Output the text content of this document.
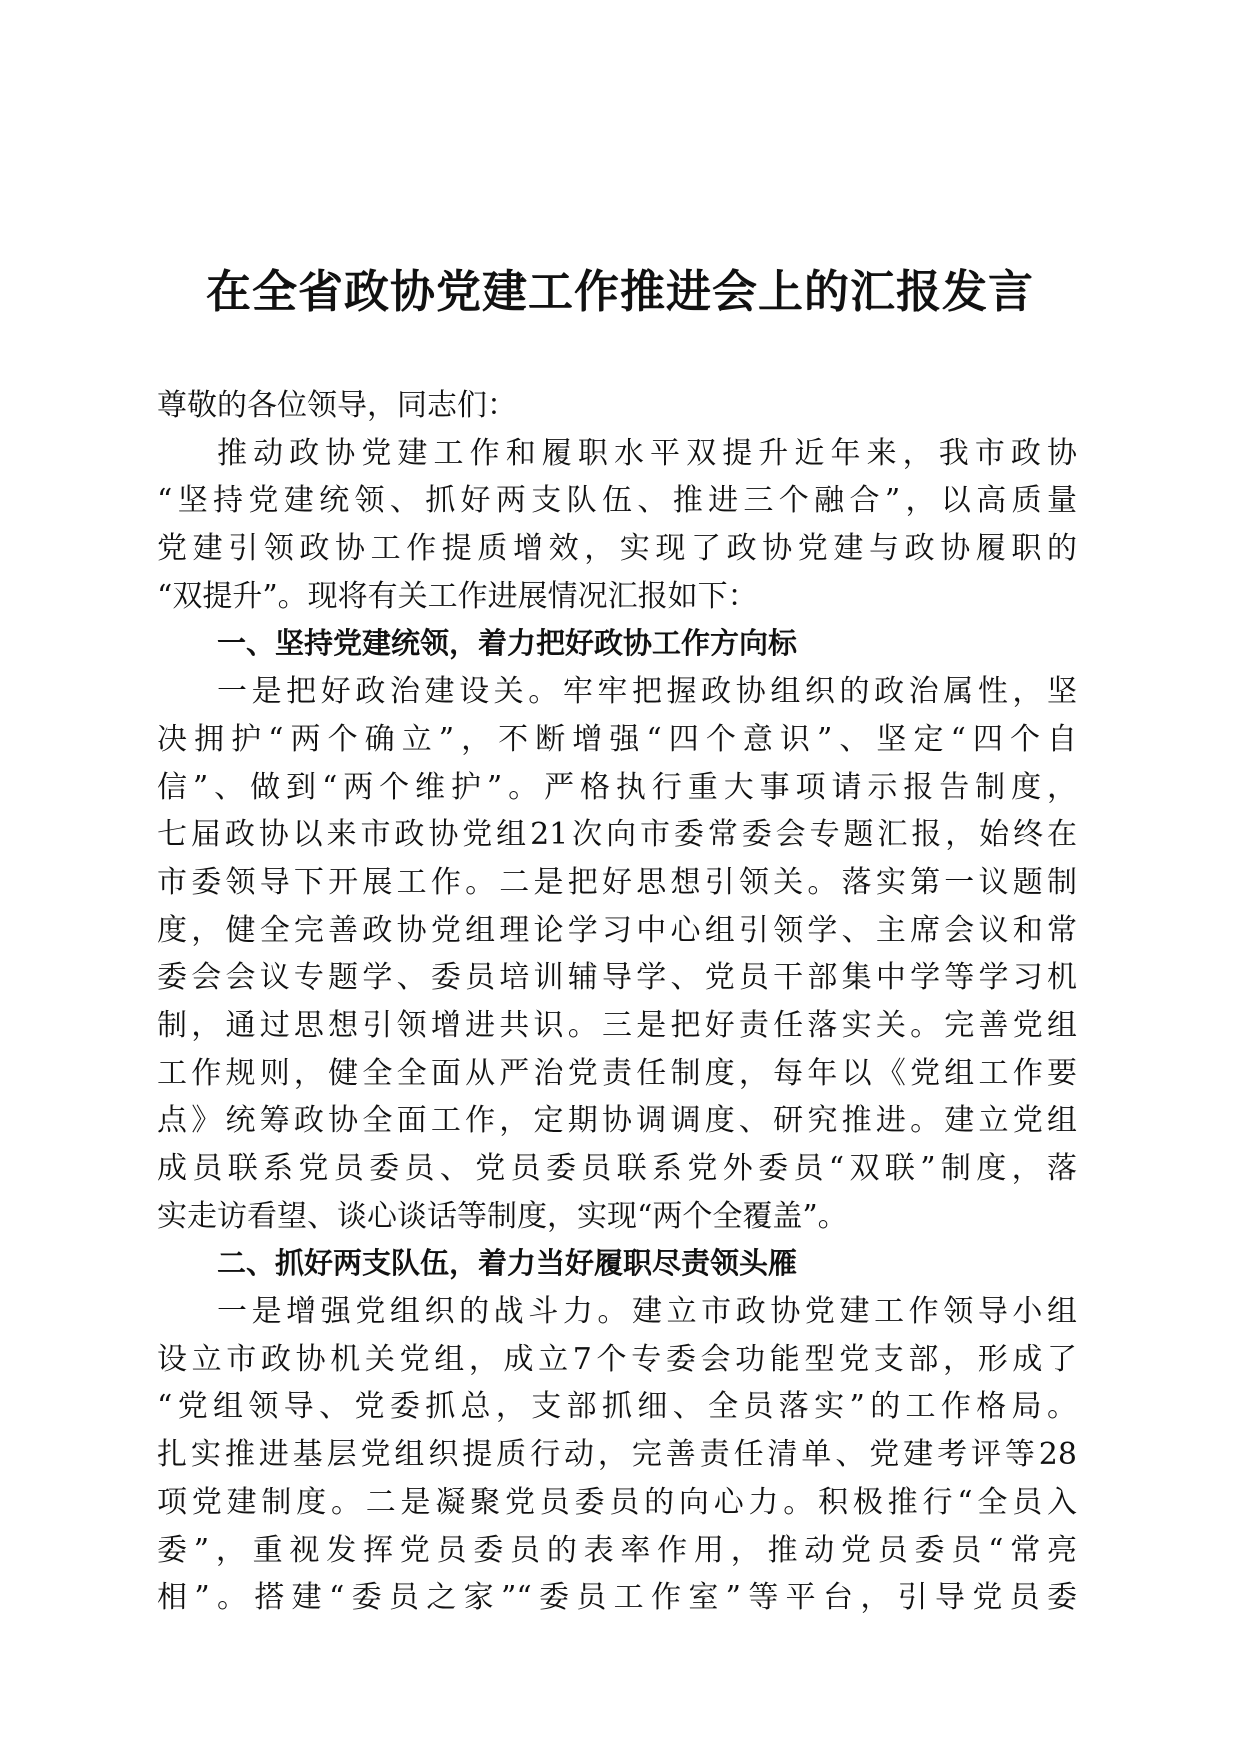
在全省政协党建工作推进会上的汇报发言
尊敬的各位领导，同志们：
推动政协党建工作和履职水平双提升近年来，我市政协
“坚持党建统领、抓好两支队伍、推进三个融合”，以高质量
党建引领政协工作提质增效，实现了政协党建与政协履职的
“双提升”。现将有关工作进展情况汇报如下：
一、坚持党建统领，着力把好政协工作方向标
一是把好政治建设关。牢牢把握政协组织的政治属性，坚
决拥护“两个确立”，不断增强“四个意识”、坚定“四个自
信”、做到“两个维护”。严格执行重大事项请示报告制度，
七届政协以来市政协党组21次向市委常委会专题汇报，始终在
市委领导下开展工作。二是把好思想引领关。落实第一议题制
度，健全完善政协党组理论学习中心组引领学、主席会议和常
委会会议专题学、委员培训辅导学、党员干部集中学等学习机
制，通过思想引领增进共识。三是把好责任落实关。完善党组
工作规则，健全全面从严治党责任制度，每年以《党组工作要
点》统筹政协全面工作，定期协调调度、研究推进。建立党组
成员联系党员委员、党员委员联系党外委员“双联”制度，落
实走访看望、谈心谈话等制度，实现“两个全覆盖”。
二、抓好两支队伍，着力当好履职尽责领头雁
一是增强党组织的战斗力。建立市政协党建工作领导小组
设立市政协机关党组，成立7个专委会功能型党支部，形成了
“党组领导、党委抓总，支部抓细、全员落实”的工作格局。
扎实推进基层党组织提质行动，完善责任清单、党建考评等28
项党建制度。二是凝聚党员委员的向心力。积极推行“全员入
委”，重视发挥党员委员的表率作用，推动党员委员“常亮
相”。搭建“委员之家”“委员工作室”等平台，引导党员委
